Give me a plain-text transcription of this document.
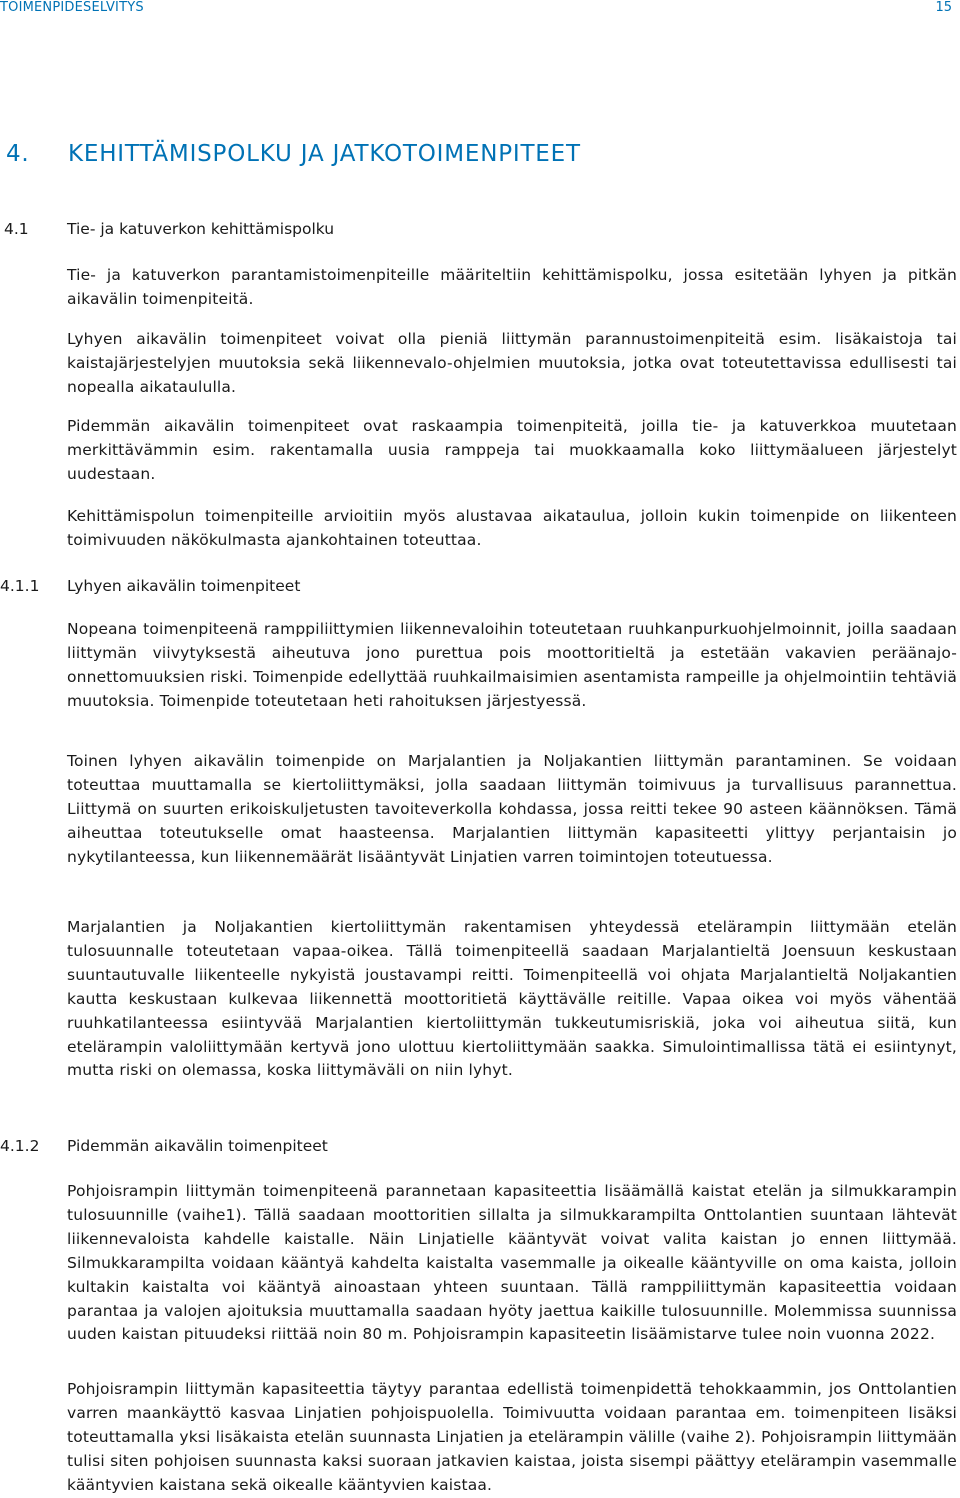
TOIMENPIDESELVITYS	15
4. KEHITTÄMISPOLKU JA JATKOTOIMENPITEET
4.1 Tie- ja katuverkon kehittämispolku

Tie- ja katuverkon parantamistoimenpiteille määriteltiin kehittämispolku, jossa esitetään lyhyen ja pitkän aikavälin toimenpiteitä.

Lyhyen aikavälin toimenpiteet voivat olla pieniä liittymän parannustoimenpiteitä esim. lisäkaistoja tai kaistajärjestelyjen muutoksia sekä liikennevalo-ohjelmien muutoksia, jotka ovat toteutettavissa edullisesti tai nopealla aikataululla.

Pidemmän aikavälin toimenpiteet ovat raskaampia toimenpiteitä, joilla tie- ja katuverkkoa muutetaan merkittävämmin esim. rakentamalla uusia ramppeja tai muokkaamalla koko liittymäalueen järjestelyt uudestaan.

Kehittämispolun toimenpiteille arvioitiin myös alustavaa aikataulua, jolloin kukin toimenpide on liikenteen toimivuuden näkökulmasta ajankohtainen toteuttaa.

4.1.1 Lyhyen aikavälin toimenpiteet

Nopeana toimenpiteenä ramppiliittymien liikennevaloihin toteutetaan ruuhkanpurkuohjelmoinnit, joilla saadaan liittymän viivytyksestä aiheutuva jono purettua pois moottoritieltä ja estetään vakavien peräänajo-onnettomuuksien riski. Toimenpide edellyttää ruuhkailmaisimien asentamista rampeille ja ohjelmointiin tehtäviä muutoksia. Toimenpide toteutetaan heti rahoituksen järjestyessä.

Toinen lyhyen aikavälin toimenpide on Marjalantien ja Noljakantien liittymän parantaminen. Se voidaan toteuttaa muuttamalla se kiertoliittymäksi, jolla saadaan liittymän toimivuus ja turvallisuus parannettua. Liittymä on suurten erikoiskuljetusten tavoiteverkolla kohdassa, jossa reitti tekee 90 asteen käännöksen. Tämä aiheuttaa toteutukselle omat haasteensa. Marjalantien liittymän kapasiteetti ylittyy perjantaisin jo nykytilanteessa, kun liikennemäärät lisääntyvät Linjatien varren toimintojen toteutuessa.

Marjalantien ja Noljakantien kiertoliittymän rakentamisen yhteydessä etelärampin liittymään etelän tulosuunnalle toteutetaan vapaa-oikea. Tällä toimenpiteellä saadaan Marjalantieltä Joensuun keskustaan suuntautuvalle liikenteelle nykyistä joustavampi reitti. Toimenpiteellä voi ohjata Marjalantieltä Noljakantien kautta keskustaan kulkevaa liikennettä moottoritietä käyttävälle reitille. Vapaa oikea voi myös vähentää ruuhkatilanteessa esiintyvää Marjalantien kiertoliittymän tukkeutumisriskiä, joka voi aiheutua siitä, kun etelärampin valoliittymään kertyvä jono ulottuu kiertoliittymään saakka. Simulointimallissa tätä ei esiintynyt, mutta riski on olemassa, koska liittymäväli on niin lyhyt.

4.1.2 Pidemmän aikavälin toimenpiteet

Pohjoisrampin liittymän toimenpiteenä parannetaan kapasiteettia lisäämällä kaistat etelän ja silmukkarampin tulosuunnille (vaihe1). Tällä saadaan moottoritien sillalta ja silmukkarampilta Onttolantien suuntaan lähtevät liikennevaloista kahdelle kaistalle. Näin Linjatielle kääntyvät voivat valita kaistan jo ennen liittymää. Silmukkarampilta voidaan kääntyä kahdelta kaistalta vasemmalle ja oikealle kääntyville on oma kaista, jolloin kultakin kaistalta voi kääntyä ainoastaan yhteen suuntaan. Tällä ramppiliittymän kapasiteettia voidaan parantaa ja valojen ajoituksia muuttamalla saadaan hyöty jaettua kaikille tulosuunnille. Molemmissa suunnissa uuden kaistan pituudeksi riittää noin 80 m. Pohjoisrampin kapasiteetin lisäämistarve tulee noin vuonna 2022.

Pohjoisrampin liittymän kapasiteettia täytyy parantaa edellistä toimenpidettä tehokkaammin, jos Onttolantien varren maankäyttö kasvaa Linjatien pohjoispuolella. Toimivuutta voidaan parantaa em. toimenpiteen lisäksi toteuttamalla yksi lisäkaista etelän suunnasta Linjatien ja etelärampin välille (vaihe 2). Pohjoisrampin liittymään tulisi siten pohjoisen suunnasta kaksi suoraan jatkavien kaistaa, joista sisempi päättyy etelärampin vasemmalle kääntyvien kaistana sekä oikealle kääntyvien kaistaa.
